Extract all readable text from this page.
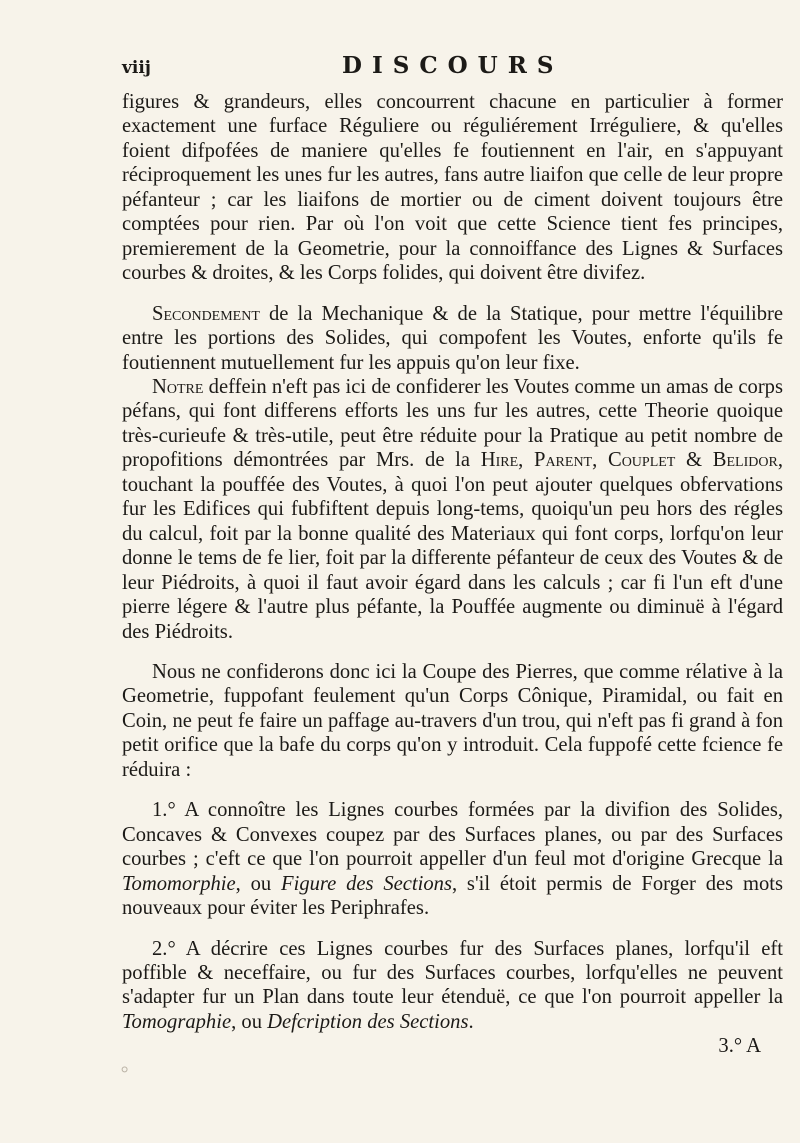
viij	DISCOURS

figures & grandeurs, elles concourrent chacune en particulier à former exactement une furface Réguliere ou réguliérement Irréguliere, & qu'elles foient difpofées de maniere qu'elles fe foutiennent en l'air, en s'appuyant réciproquement les unes fur les autres, fans autre liaifon que celle de leur propre péfanteur ; car les liaifons de mortier ou de ciment doivent toujours être comptées pour rien. Par où l'on voit que cette Science tient fes principes, premierement de la Geometrie, pour la connoiffance des Lignes & Surfaces courbes & droites, & les Corps folides, qui doivent être divifez.

Secondement de la Mechanique & de la Statique, pour mettre l'équilibre entre les portions des Solides, qui compofent les Voutes, enforte qu'ils fe foutiennent mutuellement fur les appuis qu'on leur fixe.

Notre deffein n'eft pas ici de confiderer les Voutes comme un amas de corps péfans, qui font differens efforts les uns fur les autres, cette Theorie quoique très-curieufe & très-utile, peut être réduite pour la Pratique au petit nombre de propofitions démontrées par Mrs. de la Hire, Parent, Couplet & Belidor, touchant la pouffée des Voutes, à quoi l'on peut ajouter quelques obfervations fur les Edifices qui fubfiftent depuis long-tems, quoiqu'un peu hors des régles du calcul, foit par la bonne qualité des Materiaux qui font corps, lorfqu'on leur donne le tems de fe lier, foit par la differente péfanteur de ceux des Voutes & de leur Piédroits, à quoi il faut avoir égard dans les calculs ; car fi l'un eft d'une pierre légere & l'autre plus péfante, la Pouffée augmente ou diminuë à l'égard des Piédroits.

Nous ne confiderons donc ici la Coupe des Pierres, que comme rélative à la Geometrie, fuppofant feulement qu'un Corps Cônique, Piramidal, ou fait en Coin, ne peut fe faire un paffage au-travers d'un trou, qui n'eft pas fi grand à fon petit orifice que la bafe du corps qu'on y introduit. Cela fuppofé cette fcience fe réduira :

1.° A connoître les Lignes courbes formées par la divifion des Solides, Concaves & Convexes coupez par des Surfaces planes, ou par des Surfaces courbes ; c'eft ce que l'on pourroit appeller d'un feul mot d'origine Grecque la Tomomorphie, ou Figure des Sections, s'il étoit permis de Forger des mots nouveaux pour éviter les Periphrafes.

2.° A décrire ces Lignes courbes fur des Surfaces planes, lorfqu'il eft poffible & neceffaire, ou fur des Surfaces courbes, lorfqu'elles ne peuvent s'adapter fur un Plan dans toute leur étenduë, ce que l'on pourroit appeller la Tomographie, ou Defcription des Sections.

3.° A

⸰
